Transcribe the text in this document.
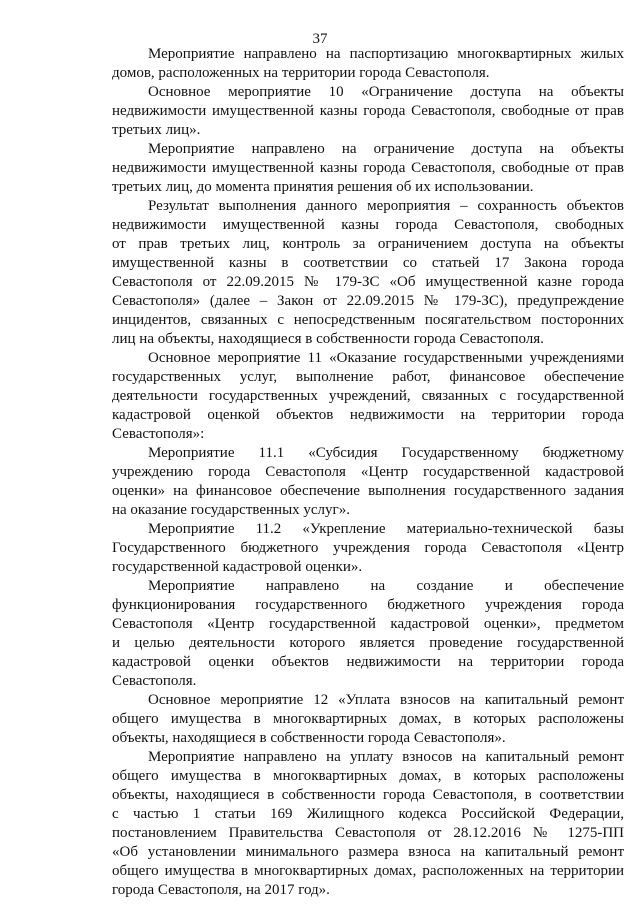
37
Мероприятие направлено на паспортизацию многоквартирных жилых
домов, расположенных на территории города Севастополя.
Основное мероприятие 10 «Ограничение доступа на объекты
недвижимости имущественной казны города Севастополя, свободные от прав
третьих лиц».
Мероприятие направлено на ограничение доступа на объекты
недвижимости имущественной казны города Севастополя, свободные от прав
третьих лиц, до момента принятия решения об их использовании.
Результат выполнения данного мероприятия – сохранность объектов
недвижимости имущественной казны города Севастополя, свободных
от прав третьих лиц, контроль за ограничением доступа на объекты
имущественной казны в соответствии со статьей 17 Закона города
Севастополя от 22.09.2015 № 179-ЗС «Об имущественной казне города
Севастополя» (далее – Закон от 22.09.2015 № 179-ЗС), предупреждение
инцидентов, связанных с непосредственным посягательством посторонних
лиц на объекты, находящиеся в собственности города Севастополя.
Основное мероприятие 11 «Оказание государственными учреждениями
государственных услуг, выполнение работ, финансовое обеспечение
деятельности государственных учреждений, связанных с государственной
кадастровой оценкой объектов недвижимости на территории города
Севастополя»:
Мероприятие 11.1 «Субсидия Государственному бюджетному
учреждению города Севастополя «Центр государственной кадастровой
оценки» на финансовое обеспечение выполнения государственного задания
на оказание государственных услуг».
Мероприятие 11.2 «Укрепление материально-технической базы
Государственного бюджетного учреждения города Севастополя «Центр
государственной кадастровой оценки».
Мероприятие направлено на создание и обеспечение
функционирования государственного бюджетного учреждения города
Севастополя «Центр государственной кадастровой оценки», предметом
и целью деятельности которого является проведение государственной
кадастровой оценки объектов недвижимости на территории города
Севастополя.
Основное мероприятие 12 «Уплата взносов на капитальный ремонт
общего имущества в многоквартирных домах, в которых расположены
объекты, находящиеся в собственности города Севастополя».
Мероприятие направлено на уплату взносов на капитальный ремонт
общего имущества в многоквартирных домах, в которых расположены
объекты, находящиеся в собственности города Севастополя, в соответствии
с частью 1 статьи 169 Жилищного кодекса Российской Федерации,
постановлением Правительства Севастополя от 28.12.2016 № 1275-ПП
«Об установлении минимального размера взноса на капитальный ремонт
общего имущества в многоквартирных домах, расположенных на территории
города Севастополя, на 2017 год».
